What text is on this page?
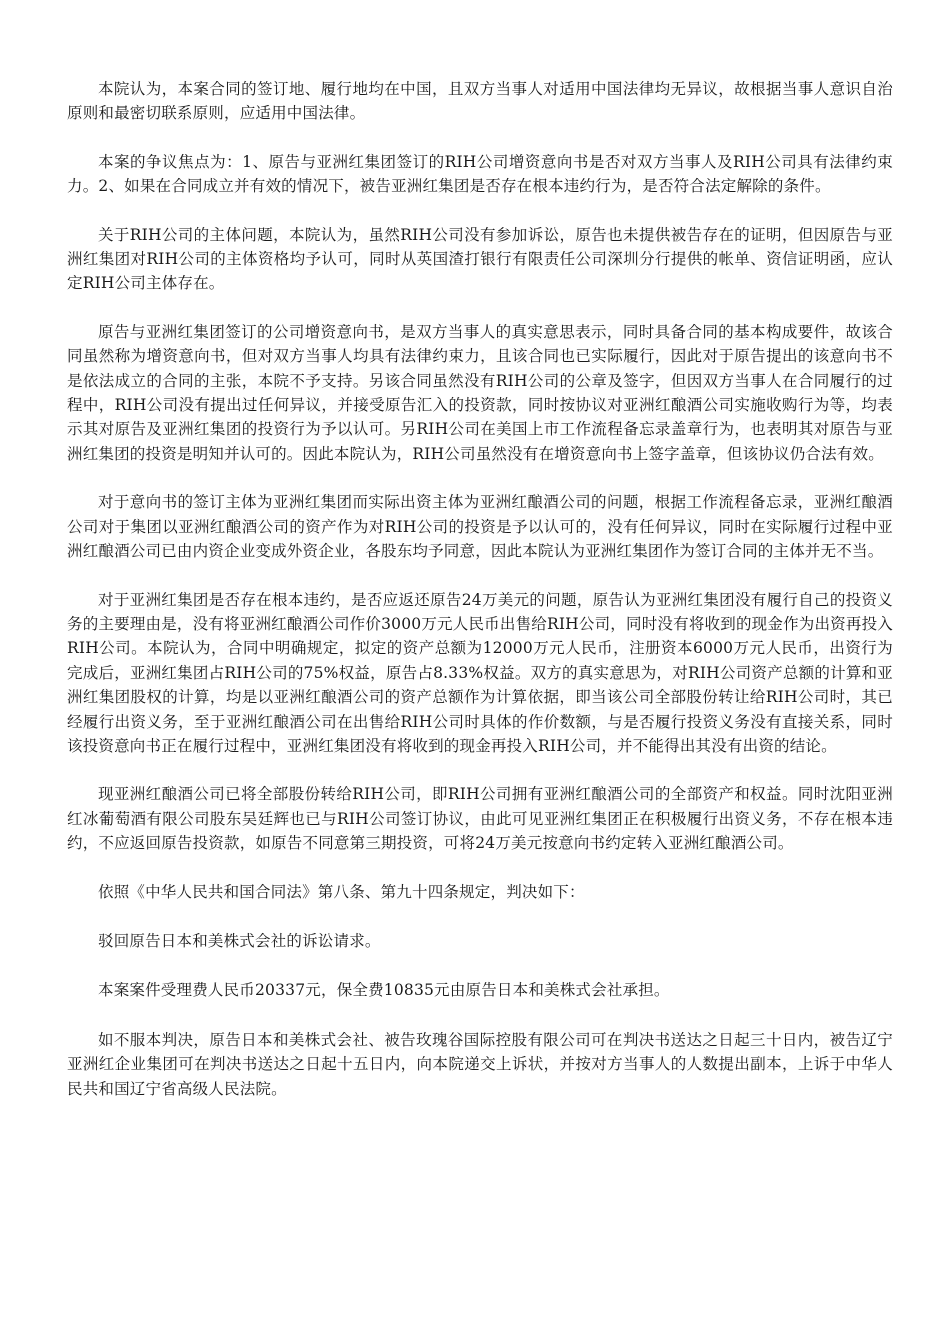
本院认为，本案合同的签订地、履行地均在中国，且双方当事人对适用中国法律均无异议，故根据当事人意识自治原则和最密切联系原则，应适用中国法律。

本案的争议焦点为：1、原告与亚洲红集团签订的RIH公司增资意向书是否对双方当事人及RIH公司具有法律约束力。2、如果在合同成立并有效的情况下，被告亚洲红集团是否存在根本违约行为，是否符合法定解除的条件。

关于RIH公司的主体问题，本院认为，虽然RIH公司没有参加诉讼，原告也未提供被告存在的证明，但因原告与亚洲红集团对RIH公司的主体资格均予认可，同时从英国渣打银行有限责任公司深圳分行提供的帐单、资信证明函，应认定RIH公司主体存在。

原告与亚洲红集团签订的公司增资意向书，是双方当事人的真实意思表示，同时具备合同的基本构成要件，故该合同虽然称为增资意向书，但对双方当事人均具有法律约束力，且该合同也已实际履行，因此对于原告提出的该意向书不是依法成立的合同的主张，本院不予支持。另该合同虽然没有RIH公司的公章及签字，但因双方当事人在合同履行的过程中，RIH公司没有提出过任何异议，并接受原告汇入的投资款，同时按协议对亚洲红酿酒公司实施收购行为等，均表示其对原告及亚洲红集团的投资行为予以认可。另RIH公司在美国上市工作流程备忘录盖章行为，也表明其对原告与亚洲红集团的投资是明知并认可的。因此本院认为，RIH公司虽然没有在增资意向书上签字盖章，但该协议仍合法有效。

对于意向书的签订主体为亚洲红集团而实际出资主体为亚洲红酿酒公司的问题，根据工作流程备忘录，亚洲红酿酒公司对于集团以亚洲红酿酒公司的资产作为对RIH公司的投资是予以认可的，没有任何异议，同时在实际履行过程中亚洲红酿酒公司已由内资企业变成外资企业，各股东均予同意，因此本院认为亚洲红集团作为签订合同的主体并无不当。

对于亚洲红集团是否存在根本违约，是否应返还原告24万美元的问题，原告认为亚洲红集团没有履行自己的投资义务的主要理由是，没有将亚洲红酿酒公司作价3000万元人民币出售给RIH公司，同时没有将收到的现金作为出资再投入RIH公司。本院认为，合同中明确规定，拟定的资产总额为12000万元人民币，注册资本6000万元人民币，出资行为完成后，亚洲红集团占RIH公司的75%权益，原告占8.33%权益。双方的真实意思为，对RIH公司资产总额的计算和亚洲红集团股权的计算，均是以亚洲红酿酒公司的资产总额作为计算依据，即当该公司全部股份转让给RIH公司时，其已经履行出资义务，至于亚洲红酿酒公司在出售给RIH公司时具体的作价数额，与是否履行投资义务没有直接关系，同时该投资意向书正在履行过程中，亚洲红集团没有将收到的现金再投入RIH公司，并不能得出其没有出资的结论。

现亚洲红酿酒公司已将全部股份转给RIH公司，即RIH公司拥有亚洲红酿酒公司的全部资产和权益。同时沈阳亚洲红冰葡萄酒有限公司股东吴廷辉也已与RIH公司签订协议，由此可见亚洲红集团正在积极履行出资义务，不存在根本违约，不应返回原告投资款，如原告不同意第三期投资，可将24万美元按意向书约定转入亚洲红酿酒公司。

依照《中华人民共和国合同法》第八条、第九十四条规定，判决如下：

驳回原告日本和美株式会社的诉讼请求。

本案案件受理费人民币20337元，保全费10835元由原告日本和美株式会社承担。

如不服本判决，原告日本和美株式会社、被告玫瑰谷国际控股有限公司可在判决书送达之日起三十日内，被告辽宁亚洲红企业集团可在判决书送达之日起十五日内，向本院递交上诉状，并按对方当事人的人数提出副本，上诉于中华人民共和国辽宁省高级人民法院。
